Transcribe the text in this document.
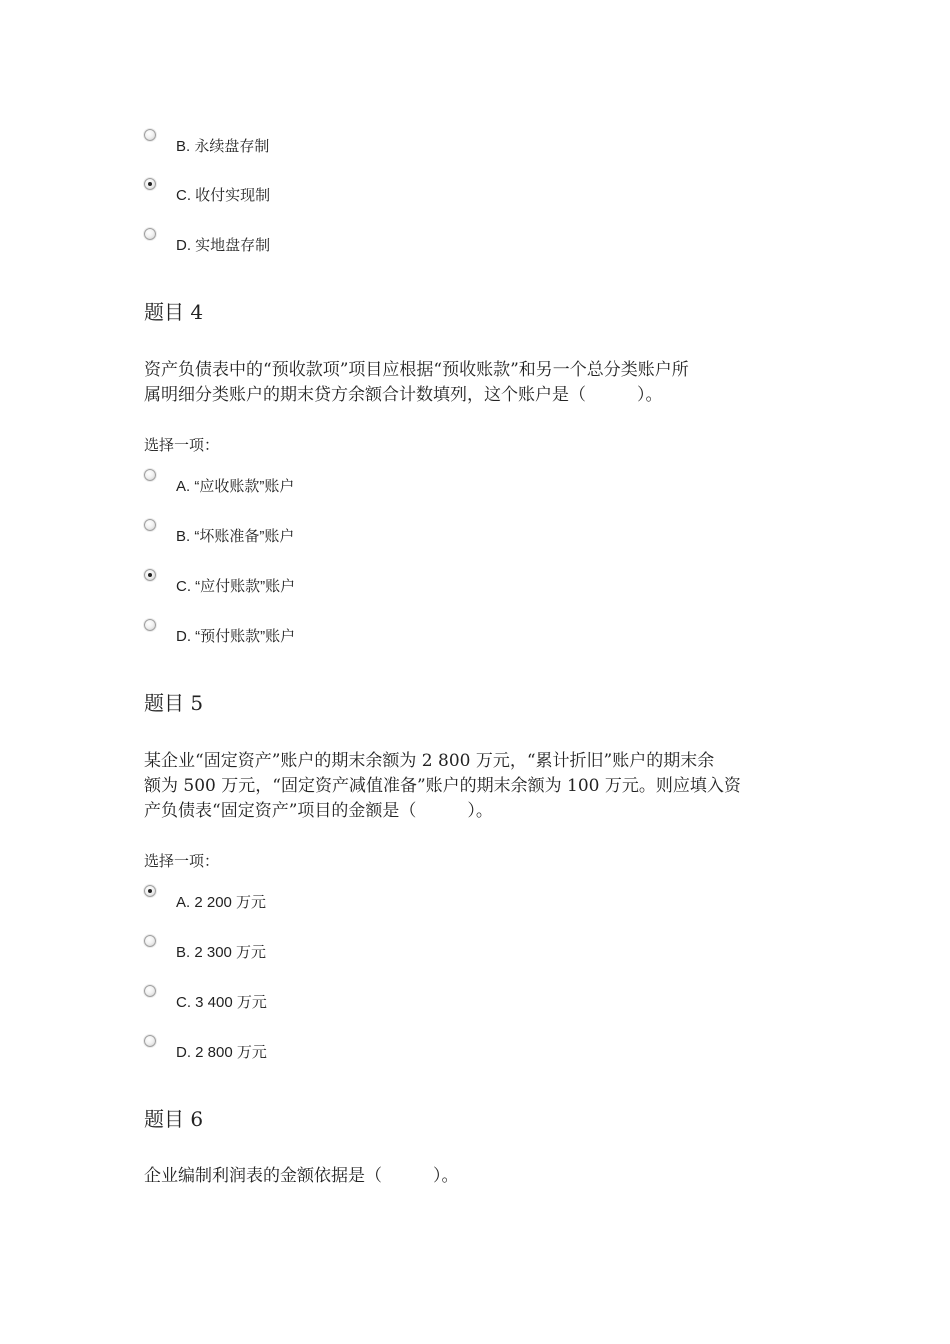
B. 永续盘存制
C. 收付实现制
D. 实地盘存制
题目 4
资产负债表中的“预收款项”项目应根据“预收账款”和另一个总分类账户所
属明细分类账户的期末贷方余额合计数填列，这个账户是（　　　）。
选择一项：
A. “应收账款”账户
B. “坏账准备”账户
C. “应付账款”账户
D. “预付账款”账户
题目 5
某企业“固定资产”账户的期末余额为 2 800 万元，“累计折旧”账户的期末余
额为 500 万元，“固定资产减值准备”账户的期末余额为 100 万元。则应填入资
产负债表“固定资产”项目的金额是（　　　）。
选择一项：
A. 2 200 万元
B. 2 300 万元
C. 3 400 万元
D. 2 800 万元
题目 6
企业编制利润表的金额依据是（　　　）。
